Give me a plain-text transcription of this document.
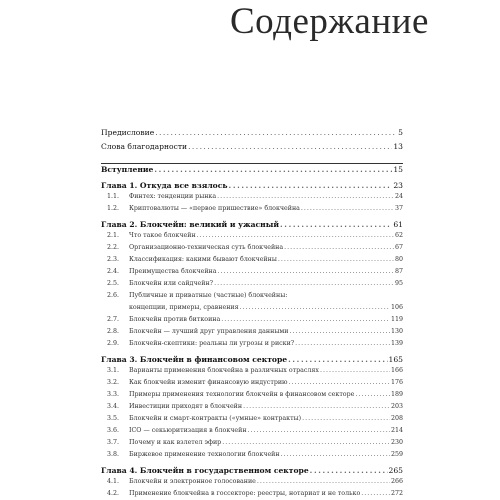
Содержание
Предисловие . . .	5
Слова благодарности . . .	13
Вступление . . .	15
Глава 1. Откуда все взялось . . .	23
1.1.	Финтех: тенденции рынка . . .	24
1.2.	Криптовалюты — «первое пришествие» блокчейна . . .	37
Глава 2. Блокчейн: великий и ужасный . . .	61
2.1.	Что такое блокчейн . . .	62
2.2.	Организационно-техническая суть блокчейна . . .	67
2.3.	Классификация: какими бывают блокчейны . . .	80
2.4.	Преимущества блокчейна . . .	87
2.5.	Блокчейн или сайдчейн? . . .	95
2.6.	Публичные и приватные (частные) блокчейны:
концепции, примеры, сравнения . . .	106
2.7.	Блокчейн против биткоина . . .	119
2.8.	Блокчейн — лучший друг управления данными . . .	130
2.9.	Блокчейн-скептики: реальны ли угрозы и риски? . . .	139
Глава 3. Блокчейн в финансовом секторе . . .	165
3.1.	Варианты применения блокчейна в различных отраслях . . .	166
3.2.	Как блокчейн изменит финансовую индустрию . . .	176
3.3.	Примеры применения технологии блокчейн в финансовом секторе . . .	189
3.4.	Инвестиции приходят в блокчейн . . .	203
3.5.	Блокчейн и смарт-контракты («умные» контракты) . . .	208
3.6.	ICO — секьюритизация в блокчейн . . .	214
3.7.	Почему и как взлетел эфир . . .	230
3.8.	Биржевое применение технологии блокчейн . . .	259
Глава 4. Блокчейн в государственном секторе . . .	265
4.1.	Блокчейн и электронное голосование . . .	266
4.2.	Применение блокчейна в госсекторе: реестры, нотариат и не только . . .	272
